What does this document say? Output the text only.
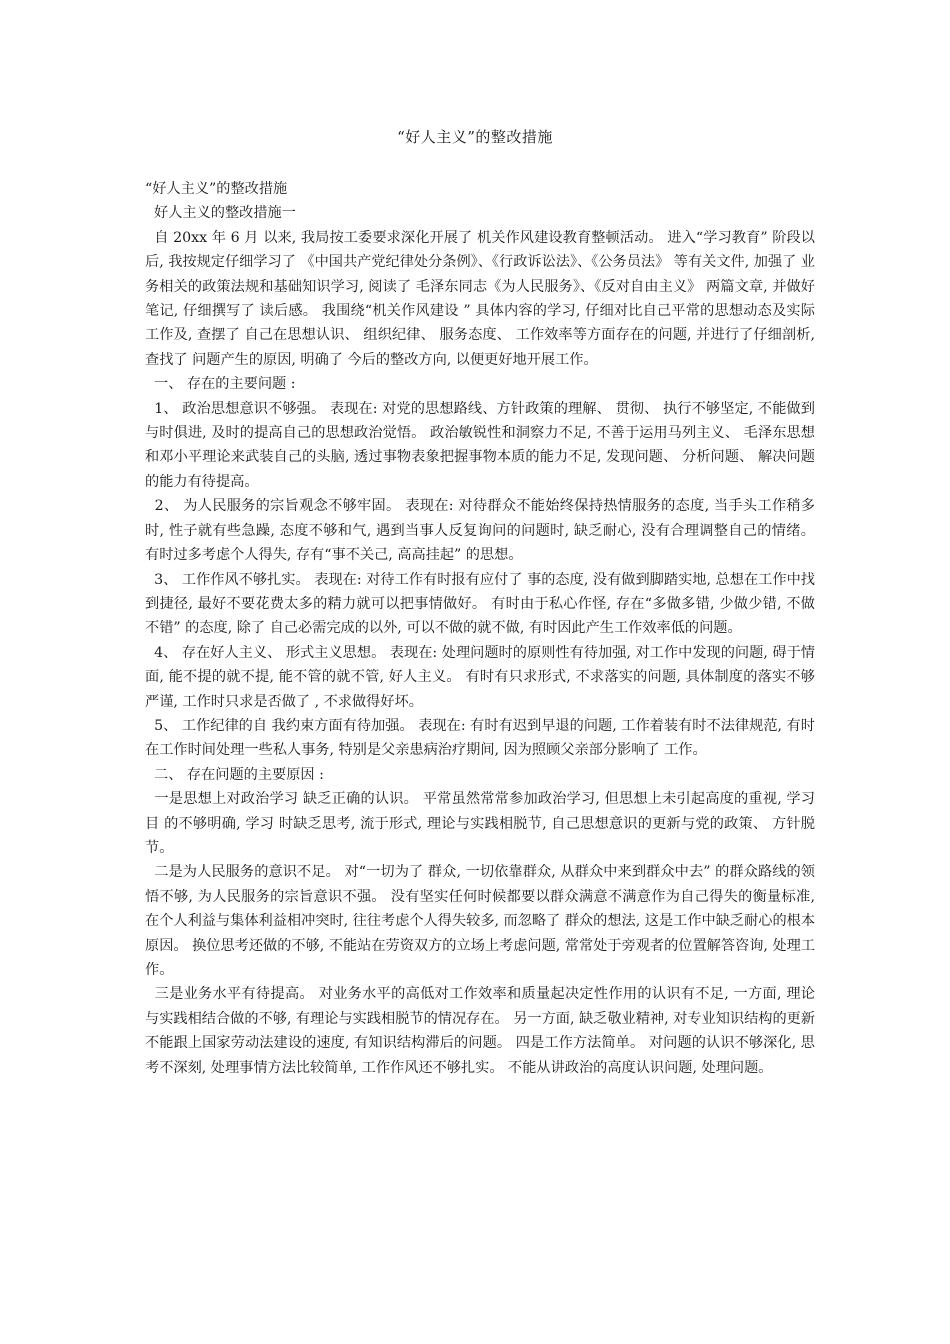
“好人主义”的整改措施

“好人主义”的整改措施

好人主义的整改措施一

自 20xx 年 6 月 以来, 我局按工委要求深化开展了 机关作风建设教育整顿活动。 进入“学习教育” 阶段以后, 我按规定仔细学习了 《中国共产党纪律处分条例》、《行政诉讼法》、《公务员法》 等有关文件, 加强了 业务相关的政策法规和基础知识学习, 阅读了 毛泽东同志《为人民服务》、《反对自由主义》 两篇文章, 并做好笔记, 仔细撰写了 读后感。 我围绕“机关作风建设 ” 具体内容的学习, 仔细对比自己平常的思想动态及实际工作及, 查摆了 自己在思想认识、 组织纪律、 服务态度、 工作效率等方面存在的问题, 并进行了仔细剖析, 查找了 问题产生的原因, 明确了 今后的整改方向, 以便更好地开展工作。

一、 存在的主要问题 :

1、 政治思想意识不够强。 表现在: 对党的思想路线、方针政策的理解、 贯彻、 执行不够坚定, 不能做到与时俱进, 及时的提高自己的思想政治觉悟。 政治敏锐性和洞察力不足, 不善于运用马列主义、 毛泽东思想和邓小平理论来武装自己的头脑, 透过事物表象把握事物本质的能力不足, 发现问题、 分析问题、 解决问题的能力有待提高。

2、 为人民服务的宗旨观念不够牢固。 表现在: 对待群众不能始终保持热情服务的态度, 当手头工作稍多时, 性子就有些急躁, 态度不够和气, 遇到当事人反复询问的问题时, 缺乏耐心, 没有合理调整自己的情绪。 有时过多考虑个人得失, 存有“事不关己, 高高挂起” 的思想。

3、 工作作风不够扎实。 表现在: 对待工作有时报有应付了 事的态度, 没有做到脚踏实地, 总想在工作中找到捷径, 最好不要花费太多的精力就可以把事情做好。 有时由于私心作怪, 存在“多做多错, 少做少错, 不做不错” 的态度, 除了 自己必需完成的以外, 可以不做的就不做, 有时因此产生工作效率低的问题。

4、 存在好人主义、 形式主义思想。 表现在: 处理问题时的原则性有待加强, 对工作中发现的问题, 碍于情面, 能不提的就不提, 能不管的就不管, 好人主义。 有时有只求形式, 不求落实的问题, 具体制度的落实不够严谨, 工作时只求是否做了 , 不求做得好坏。

5、 工作纪律的自 我约束方面有待加强。 表现在: 有时有迟到早退的问题, 工作着装有时不法律规范, 有时在工作时间处理一些私人事务, 特别是父亲患病治疗期间, 因为照顾父亲部分影响了 工作。

二、 存在问题的主要原因 :

一是思想上对政治学习 缺乏正确的认识。 平常虽然常常参加政治学习, 但思想上未引起高度的重视, 学习目 的不够明确, 学习 时缺乏思考, 流于形式, 理论与实践相脱节, 自己思想意识的更新与党的政策、 方针脱节。

二是为人民服务的意识不足。 对“一切为了 群众, 一切依靠群众, 从群众中来到群众中去” 的群众路线的领悟不够, 为人民服务的宗旨意识不强。 没有坚实任何时候都要以群众满意不满意作为自己得失的衡量标准, 在个人利益与集体利益相冲突时, 往往考虑个人得失较多, 而忽略了 群众的想法, 这是工作中缺乏耐心的根本原因。 换位思考还做的不够, 不能站在劳资双方的立场上考虑问题, 常常处于旁观者的位置解答咨询, 处理工作。

三是业务水平有待提高。 对业务水平的高低对工作效率和质量起决定性作用的认识有不足, 一方面, 理论与实践相结合做的不够, 有理论与实践相脱节的情况存在。 另一方面, 缺乏敬业精神, 对专业知识结构的更新不能跟上国家劳动法建设的速度, 有知识结构滞后的问题。 四是工作方法简单。 对问题的认识不够深化, 思考不深刻, 处理事情方法比较简单, 工作作风还不够扎实。 不能从讲政治的高度认识问题, 处理问题。
